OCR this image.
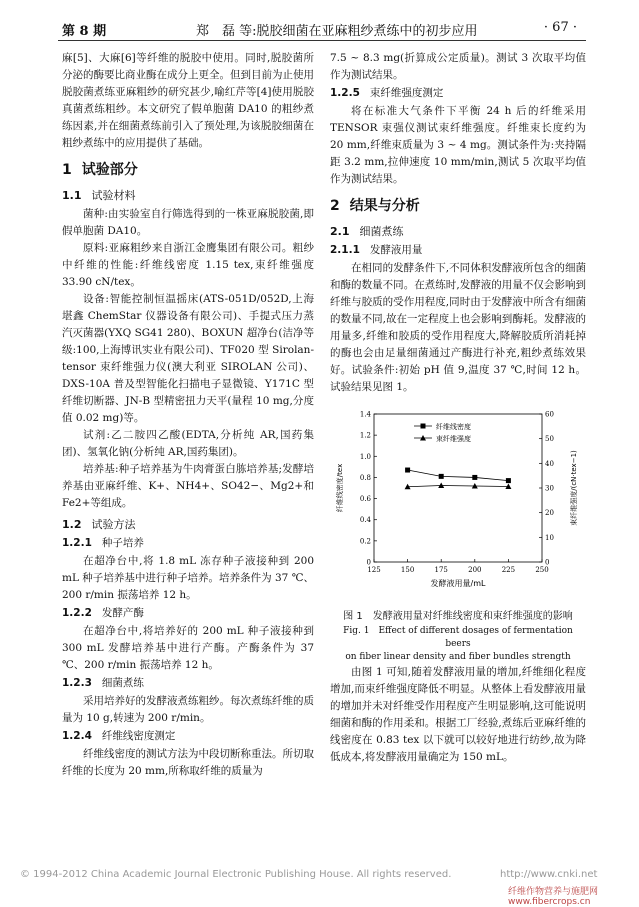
第 8 期	郑　磊 等:脱胶细菌在亚麻粗纱煮练中的初步应用	· 67 ·

麻[5]、大麻[6]等纤维的脱胶中使用。同时,脱胶菌所分泌的酶要比商业酶在成分上更全。但到目前为止使用脱胶菌煮练亚麻粗纱的研究甚少,喻红芹等[4]使用脱胶真菌煮练粗纱。本文研究了假单胞菌 DA10 的粗纱煮练因素,并在细菌煮练前引入了预处理,为该脱胶细菌在粗纱煮练中的应用提供了基础。

1 试验部分
1.1 试验材料

菌种:由实验室自行筛选得到的一株亚麻脱胶菌,即假单胞菌 DA10。

原料:亚麻粗纱来自浙江金鹰集团有限公司。粗纱中纤维的性能:纤维线密度 1.15 tex,束纤维强度 33.90 cN/tex。

设备:智能控制恒温摇床(ATS-051D/052D,上海堪鑫 ChemStar 仪器设备有限公司)、手提式压力蒸汽灭菌器(YXQ SG41 280)、BOXUN 超净台(洁净等级:100,上海博讯实业有限公司)、TF020 型 Sirolan-tensor 束纤维强力仪(澳大利亚 SIROLAN 公司)、DXS-10A 普及型智能化扫描电子显微镜、Y171C 型纤维切断器、JN-B 型精密扭力天平(量程 10 mg,分度值 0.02 mg)等。

试剂:乙二胺四乙酸(EDTA,分析纯 AR,国药集团)、氢氧化钠(分析纯 AR,国药集团)。

培养基:种子培养基为牛肉膏蛋白胨培养基;发酵培养基由亚麻纤维、K+、NH4+、SO42−、Mg2+和 Fe2+等组成。

1.2 试验方法
1.2.1 种子培养

在超净台中,将 1.8 mL 冻存种子液接种到 200 mL 种子培养基中进行种子培养。培养条件为 37 ℃、200 r/min 振荡培养 12 h。

1.2.2 发酵产酶

在超净台中,将培养好的 200 mL 种子液接种到 300 mL 发酵培养基中进行产酶。产酶条件为 37 ℃、200 r/min 振荡培养 12 h。

1.2.3 细菌煮练

采用培养好的发酵液煮练粗纱。每次煮练纤维的质量为 10 g,转速为 200 r/min。

1.2.4 纤维线密度测定

纤维线密度的测试方法为中段切断称重法。所切取纤维的长度为 20 mm,所称取纤维的质量为

7.5 ~ 8.3 mg(折算成公定质量)。测试 3 次取平均值作为测试结果。

1.2.5 束纤维强度测定

将在标准大气条件下平衡 24 h 后的纤维采用 TENSOR 束强仪测试束纤维强度。纤维束长度约为 20 mm,纤维束质量为 3 ~ 4 mg。测试条件为:夹持隔距 3.2 mm,拉伸速度 10 mm/min,测试 5 次取平均值作为测试结果。

2 结果与分析
2.1 细菌煮练
2.1.1 发酵液用量

在相同的发酵条件下,不同体积发酵液所包含的细菌和酶的数量不同。在煮练时,发酵液的用量不仅会影响到纤维与胶质的受作用程度,同时由于发酵液中所含有细菌的数量不同,故在一定程度上也会影响到酶耗。发酵液的用量多,纤维和胶质的受作用程度大,降解胶质所消耗掉的酶也会由足量细菌通过产酶进行补充,粗纱煮练效果好。试验条件:初始 pH 值 9,温度 37 ℃,时间 12 h。试验结果见图 1。

125	150	175	200	225	250
0
0.2
0.4
0.6
0.8
1.0
1.2
1.4
0
10
20
30
40
50
60
发酵液用量/mL
纤维线密度/tex	束纤维强度/(cN·tex−1)
纤维线密度
束纤维强度
图 1　发酵液用量对纤维线密度和束纤维强度的影响
Fig. 1　Effect of different dosages of fermentation beers
on fiber linear density and fiber bundles strength

由图 1 可知,随着发酵液用量的增加,纤维细化程度增加,而束纤维强度降低不明显。从整体上看发酵液用量的增加并未对纤维受作用程度产生明显影响,这可能说明细菌和酶的作用柔和。根据工厂经验,煮练后亚麻纤维的线密度在 0.83 tex 以下就可以较好地进行纺纱,故为降低成本,将发酵液用量确定为 150 mL。

© 1994-2012 China Academic Journal Electronic Publishing House. All rights reserved.	http://www.cnki.net
纤维作物营养与施肥网 www.fibercrops.cn
